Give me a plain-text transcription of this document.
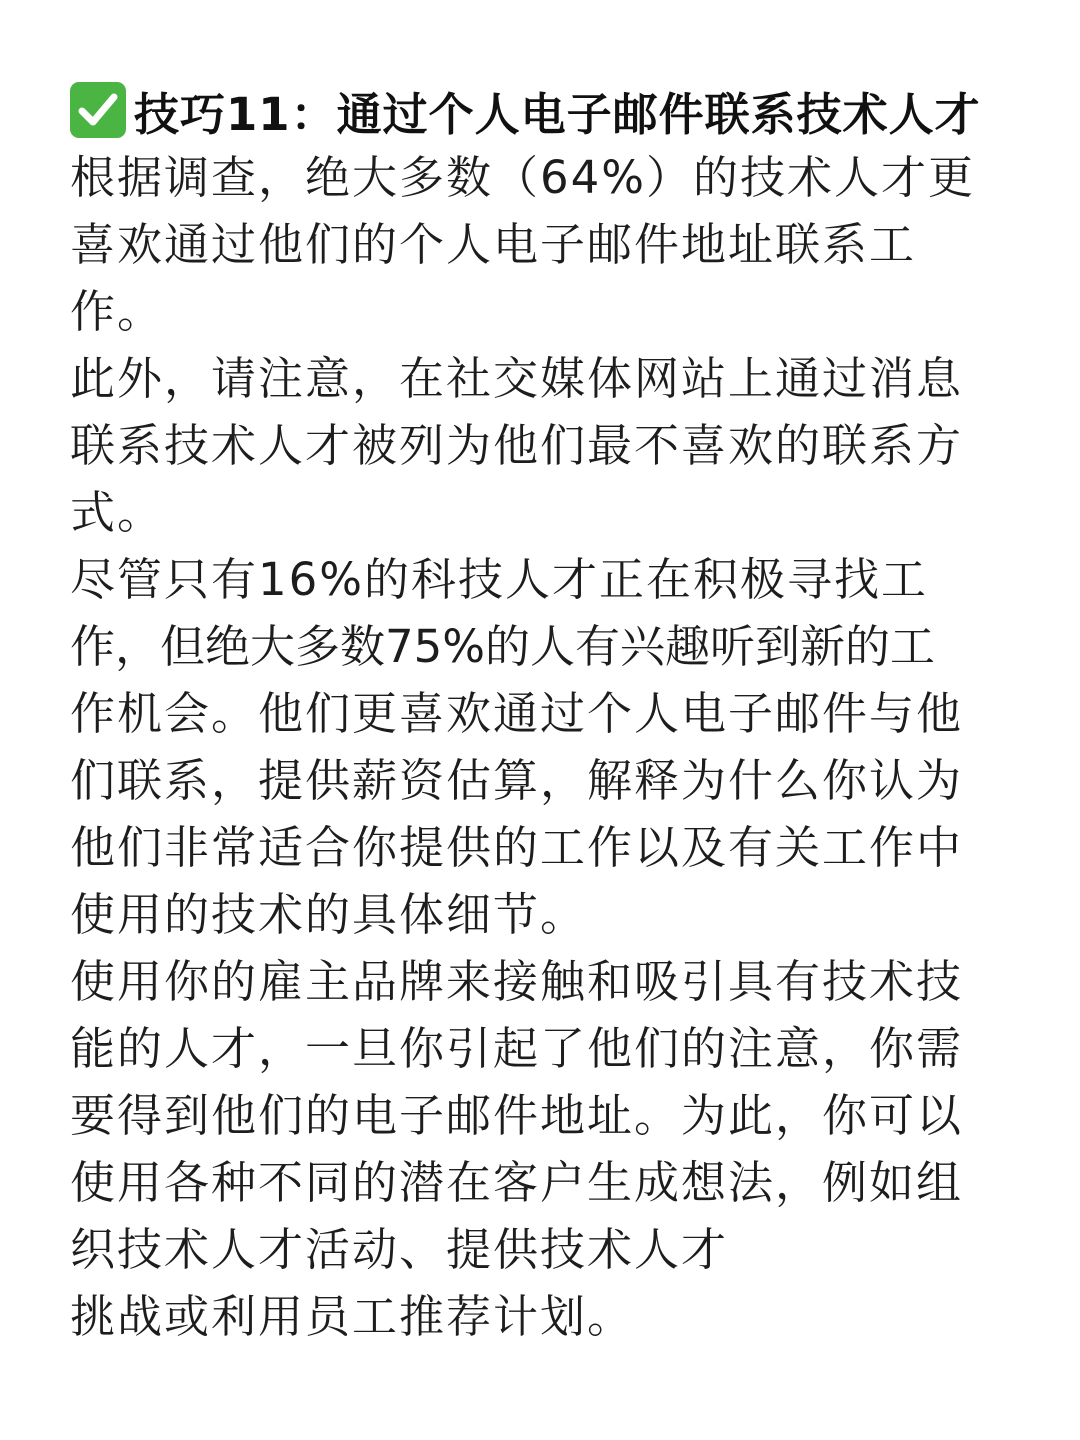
技巧11：通过个人电子邮件联系技术人才
根据调查，绝大多数（64%）的技术人才更
喜欢通过他们的个人电子邮件地址联系工
作。
此外，请注意，在社交媒体网站上通过消息
联系技术人才被列为他们最不喜欢的联系方
式。
尽管只有16%的科技人才正在积极寻找工
作，但绝大多数75%的人有兴趣听到新的工
作机会。他们更喜欢通过个人电子邮件与他
们联系，提供薪资估算，解释为什么你认为
他们非常适合你提供的工作以及有关工作中
使用的技术的具体细节。
使用你的雇主品牌来接触和吸引具有技术技
能的人才，一旦你引起了他们的注意，你需
要得到他们的电子邮件地址。为此，你可以
使用各种不同的潜在客户生成想法，例如组
织技术人才活动、提供技术人才
挑战或利用员工推荐计划。
